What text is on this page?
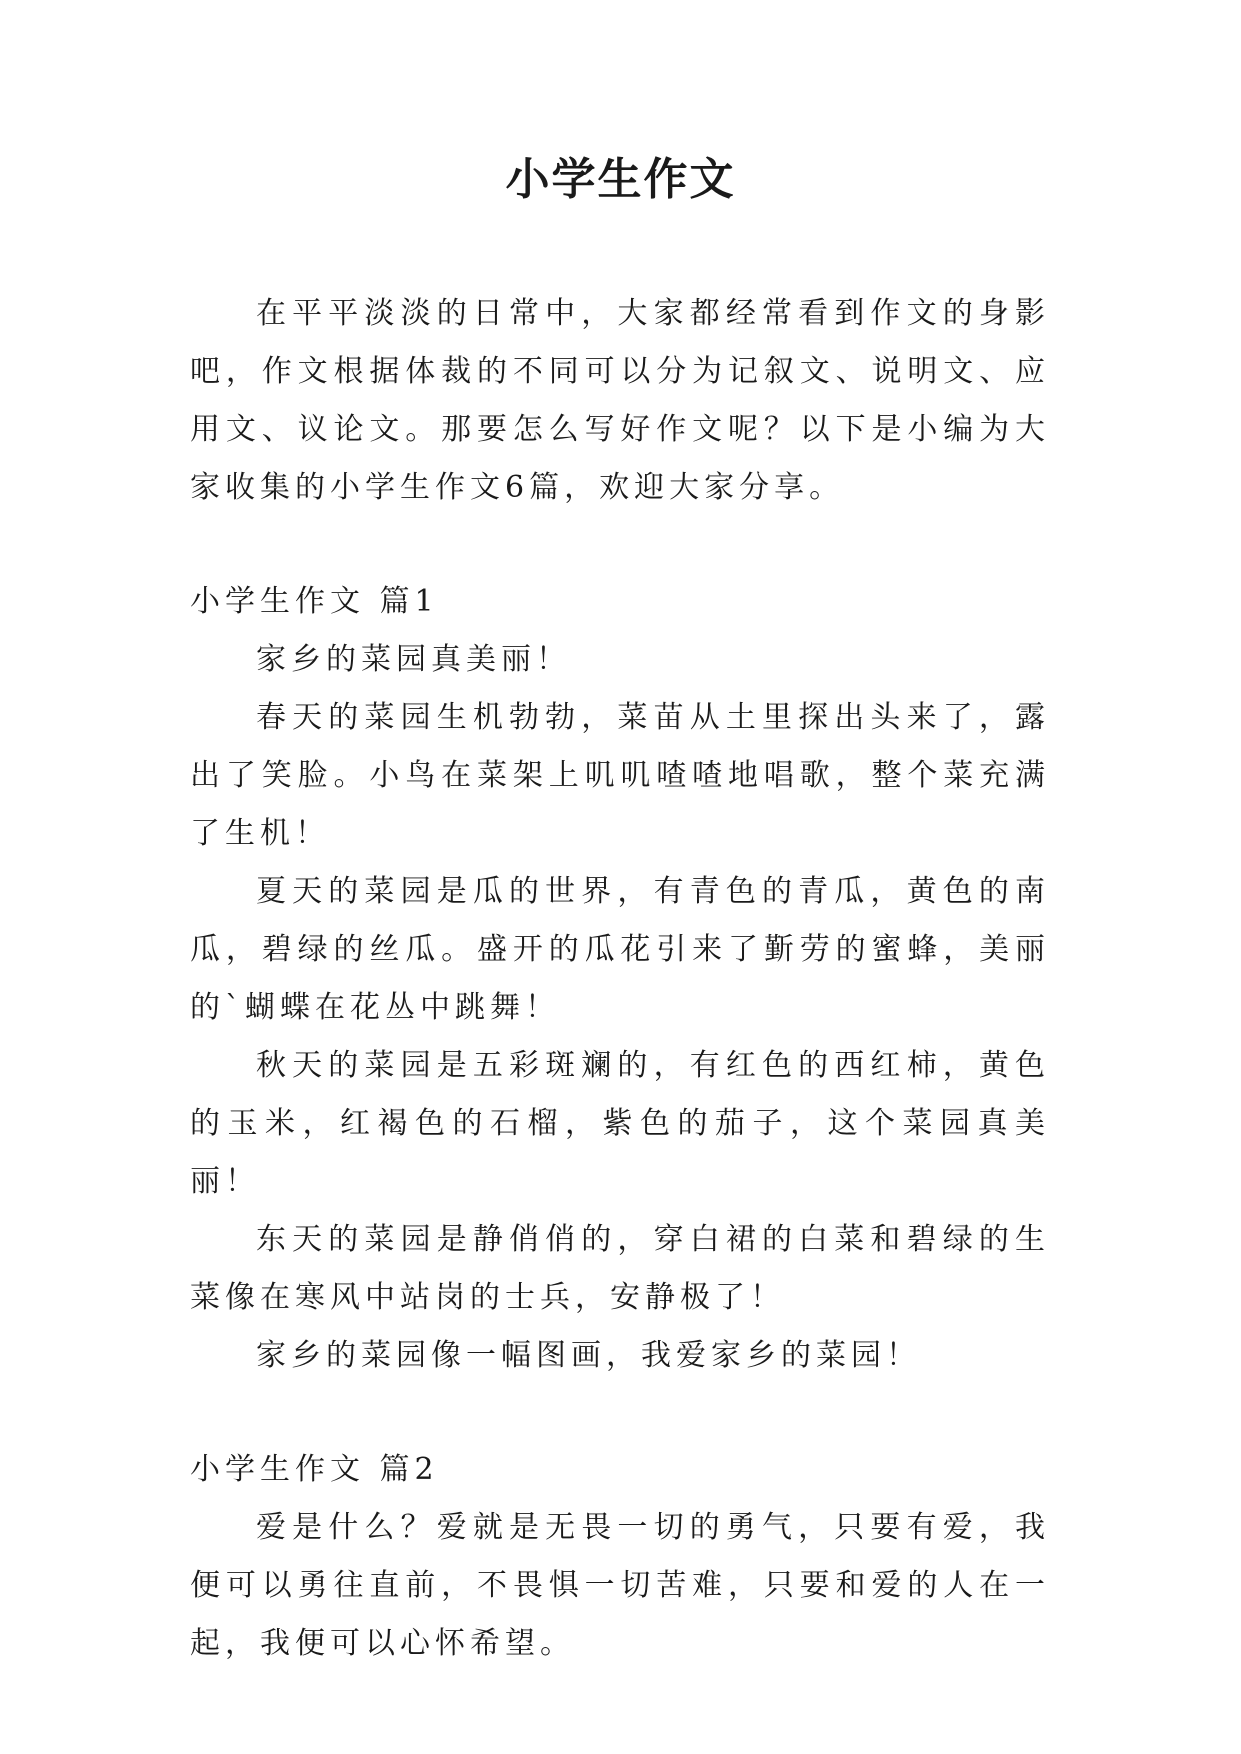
小学生作文

在平平淡淡的日常中，大家都经常看到作文的身影吧，作文根据体裁的不同可以分为记叙文、说明文、应用文、议论文。那要怎么写好作文呢？以下是小编为大家收集的小学生作文6篇，欢迎大家分享。

小学生作文 篇1

家乡的菜园真美丽！

春天的菜园生机勃勃，菜苗从土里探出头来了，露出了笑脸。小鸟在菜架上叽叽喳喳地唱歌，整个菜充满了生机！

夏天的菜园是瓜的世界，有青色的青瓜，黄色的南瓜，碧绿的丝瓜。盛开的瓜花引来了斳劳的蜜蜂，美丽的`蝴蝶在花丛中跳舞！

秋天的菜园是五彩斑斓的，有红色的西红柿，黄色的玉米，红褐色的石榴，紫色的茄子，这个菜园真美丽！

东天的菜园是静俏俏的，穿白裙的白菜和碧绿的生菜像在寒风中站岗的士兵，安静极了！

家乡的菜园像一幅图画，我爱家乡的菜园！

小学生作文 篇2

爱是什么？爱就是无畏一切的勇气，只要有爱，我便可以勇往直前，不畏惧一切苦难，只要和爱的人在一起，我便可以心怀希望。
